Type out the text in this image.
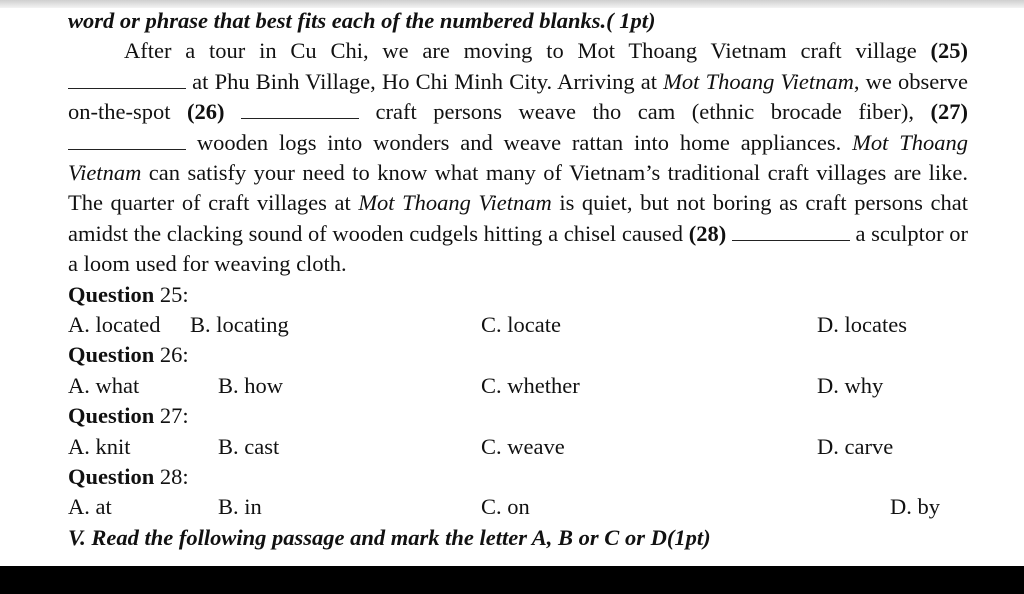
word or phrase that best fits each of the numbered blanks.( 1pt)
After a tour in Cu Chi, we are moving to Mot Thoang Vietnam craft village (25)  at Phu Binh Village, Ho Chi Minh City. Arriving at Mot Thoang Vietnam, we observe on-the-spot (26)	craft persons weave tho cam (ethnic brocade fiber), (27)  wooden logs into wonders and weave rattan into home appliances. Mot Thoang Vietnam can satisfy your need to know what many of Vietnam’s traditional craft villages are like. The quarter of craft villages at Mot Thoang Vietnam is quiet, but not boring as craft persons chat amidst the clacking sound of wooden cudgels hitting a chisel caused (28)	a sculptor or a loom used for weaving cloth.
Question 25:
A. located B. locating	C. locate	D. locates
Question 26:
A. what	B. how	C. whether	D. why
Question 27:
A. knit	B. cast	C. weave	D. carve
Question 28:
A. at	B. in	C. on	D. by
V. Read the following passage and mark the letter A, B or C or D(1pt)
